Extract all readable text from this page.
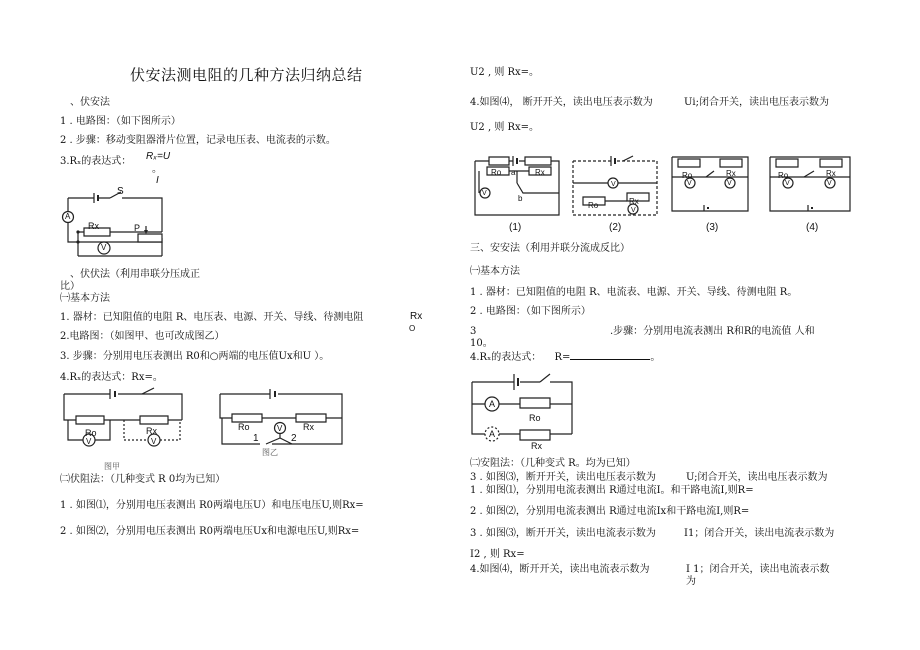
伏安法测电阻的几种方法归纳总结
、伏安法
1 . 电路图：（如下图所示）
2 . 步骤：移动变阻器滑片位置，记录电压表、电流表的示数。
3.Rₓ的表达式： Rₓ=U
。
I
S
A
Rx	P
V
、伏伏法（利用串联分压成正
比）
㈠基本方法
1. 器材：已知阻值的电阻 R、电压表、电源、开关、导线、待测电阻	Rx
O
2.电路图：（如图甲、也可改成图乙）
3. 步骤：分别用电压表测出 R0和○两端的电压值Ux和U ）。
4.Rₓ的表达式：Rx=。
Ro	Rx
V	V
图甲
Ro	Rx
V
1	2
图乙
㈡伏阻法：（几种变式 R 0均为已知）
1 . 如图⑴，分别用电压表测出 R0两端电压U）和电压电压U,则Rx=
2 . 如图⑵，分别用电压表测出 R0两端电压Ux和电源电压U,则Rx=
U2 , 则 Rx=。
4.如图⑷， 断开开关，读出电压表示数为	Ui;闭合开关，读出电压表示数为
U2 , 则 Rx=。
Ro a Rx
V
b
V
Ro	Rx
V
Ro	Rx
V	V
Ro	Rx
V	V
(1)	(2)	(3)	(4)
三、安安法（利用并联分流成反比）
㈠基本方法
1 . 器材：已知阻值的电阻 R、电流表、电源、开关、导线、待测电阻 R。
2 . 电路图：（如下图所示）
3	.步骤：分别用电流表测出 R和R的电流值 人和
10。
4.Rₓ的表达式： R=	。
A
Ro
A
Rx
㈡安阻法：（几种变式 R。均为已知）
3 . 如图⑶，断开开关，读出电压表示数为	U;闭合开关，读出电压表示数为
1 . 如图⑴，分别用电流表测出 R通过电流I。和干路电流I,则R=
2 . 如图⑵，分别用电流表测出 R通过电流Ix和干路电流I,则R=
3 . 如图⑶，断开开关，读出电流表示数为	I1；闭合开关，读出电流表示数为
I2 , 则 Rx=
4.如图⑷，断开开关，读出电流表示数为	I 1；闭合开关，读出电流表示数
为
